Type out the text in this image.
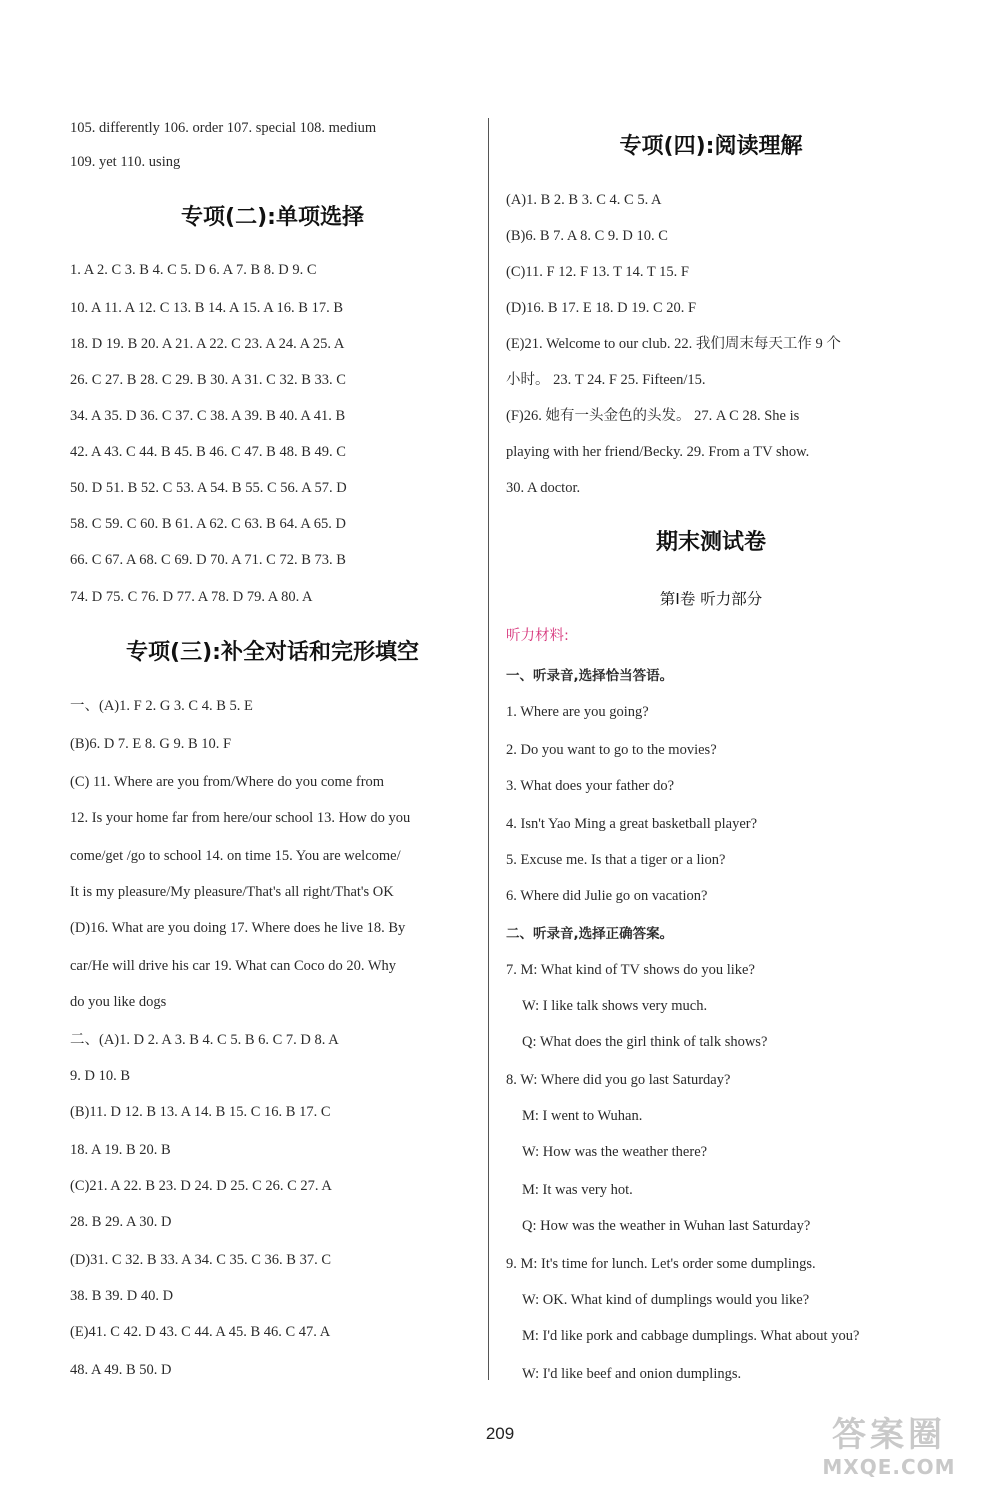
105. differently 106. order 107. special 108. medium
109. yet 110. using
专项(二):单项选择
1. A 2. C 3. B 4. C 5. D 6. A 7. B 8. D 9. C
10. A 11. A 12. C 13. B 14. A 15. A 16. B 17. B
18. D 19. B 20. A 21. A 22. C 23. A 24. A 25. A
26. C 27. B 28. C 29. B 30. A 31. C 32. B 33. C
34. A 35. D 36. C 37. C 38. A 39. B 40. A 41. B
42. A 43. C 44. B 45. B 46. C 47. B 48. B 49. C
50. D 51. B 52. C 53. A 54. B 55. C 56. A 57. D
58. C 59. C 60. B 61. A 62. C 63. B 64. A 65. D
66. C 67. A 68. C 69. D 70. A 71. C 72. B 73. B
74. D 75. C 76. D 77. A 78. D 79. A 80. A
专项(三):补全对话和完形填空
一、(A)1. F 2. G 3. C 4. B 5. E
(B)6. D 7. E 8. G 9. B 10. F
(C) 11. Where are you from/Where do you come from
12. Is your home far from here/our school 13. How do you
come/get /go to school 14. on time 15. You are welcome/
It is my pleasure/My pleasure/That's all right/That's OK
(D)16. What are you doing 17. Where does he live 18. By
car/He will drive his car 19. What can Coco do 20. Why
do you like dogs
二、(A)1. D 2. A 3. B 4. C 5. B 6. C 7. D 8. A
9. D 10. B
(B)11. D 12. B 13. A 14. B 15. C 16. B 17. C
18. A 19. B 20. B
(C)21. A 22. B 23. D 24. D 25. C 26. C 27. A
28. B 29. A 30. D
(D)31. C 32. B 33. A 34. C 35. C 36. B 37. C
38. B 39. D 40. D
(E)41. C 42. D 43. C 44. A 45. B 46. C 47. A
48. A 49. B 50. D
专项(四):阅读理解
(A)1. B 2. B 3. C 4. C 5. A
(B)6. B 7. A 8. C 9. D 10. C
(C)11. F 12. F 13. T 14. T 15. F
(D)16. B 17. E 18. D 19. C 20. F
(E)21. Welcome to our club. 22. 我们周末每天工作 9 个
小时。 23. T 24. F 25. Fifteen/15.
(F)26. 她有一头金色的头发。 27. A C 28. She is
playing with her friend/Becky. 29. From a TV show.
30. A doctor.
期末测试卷
第Ⅰ卷 听力部分
听力材料:
一、听录音,选择恰当答语。
1. Where are you going?
2. Do you want to go to the movies?
3. What does your father do?
4. Isn't Yao Ming a great basketball player?
5. Excuse me. Is that a tiger or a lion?
6. Where did Julie go on vacation?
二、听录音,选择正确答案。
7. M: What kind of TV shows do you like?
W: I like talk shows very much.
Q: What does the girl think of talk shows?
8. W: Where did you go last Saturday?
M: I went to Wuhan.
W: How was the weather there?
M: It was very hot.
Q: How was the weather in Wuhan last Saturday?
9. M: It's time for lunch. Let's order some dumplings.
W: OK. What kind of dumplings would you like?
M: I'd like pork and cabbage dumplings. What about you?
W: I'd like beef and onion dumplings.
209	答案圈
MXQE.COM
